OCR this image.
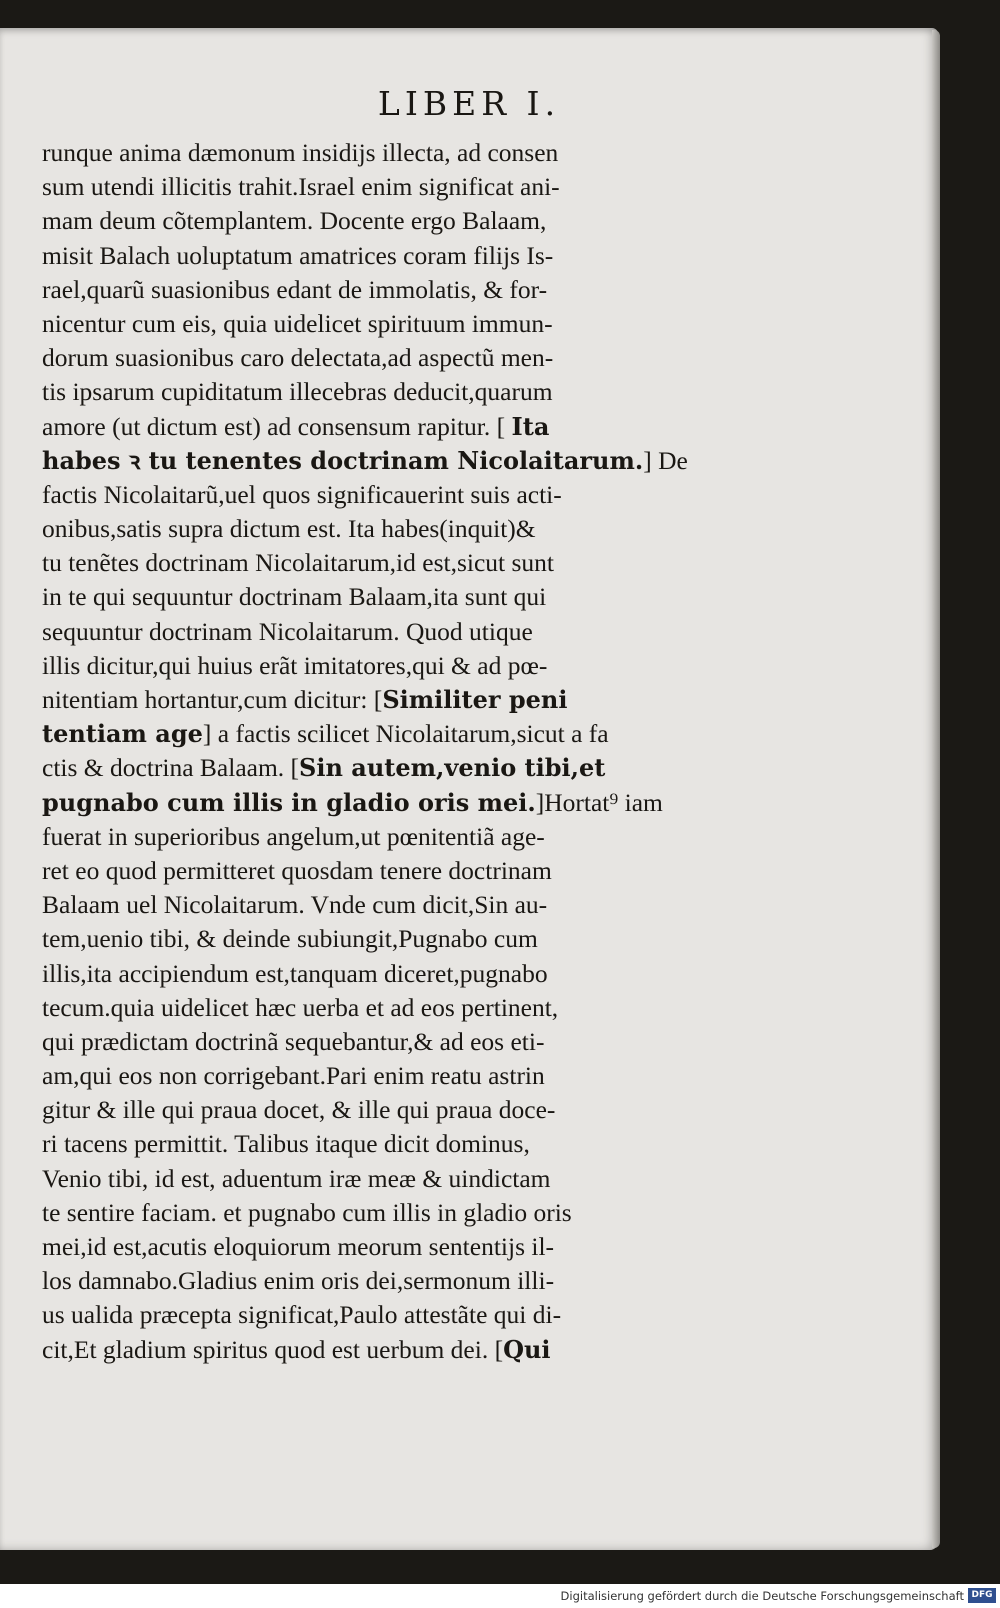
LIBER I.
runque anima dæmonum insidijs illecta, ad consen
sum utendi illicitis trahit.Israel enim significat ani-
mam deum cõtemplantem. Docente ergo Balaam,
misit Balach uoluptatum amatrices coram filijs Is-
rael,quarũ suasionibus edant de immolatis, & for-
nicentur cum eis, quia uidelicet spirituum immun-
dorum suasionibus caro delectata,ad aspectũ men-
tis ipsarum cupiditatum illecebras deducit,quarum
amore (ut dictum est) ad consensum rapitur. [ Ita
habes ꝛ tu tenentes doctrinam Nicolaitarum.] De
factis Nicolaitarũ,uel quos significauerint suis acti-
onibus,satis supra dictum est. Ita habes(inquit)&
tu tenẽtes doctrinam Nicolaitarum,id est,sicut sunt
in te qui sequuntur doctrinam Balaam,ita sunt qui
sequuntur doctrinam Nicolaitarum. Quod utique
illis dicitur,qui huius erãt imitatores,qui & ad pœ-
nitentiam hortantur,cum dicitur: [Similiter peni
tentiam age] a factis scilicet Nicolaitarum,sicut a fa
ctis & doctrina Balaam. [Sin autem,venio tibi,et
pugnabo cum illis in gladio oris mei.]Hortat⁹ iam
fuerat in superioribus angelum,ut pœnitentiã age-
ret eo quod permitteret quosdam tenere doctrinam
Balaam uel Nicolaitarum. Vnde cum dicit,Sin au-
tem,uenio tibi, & deinde subiungit,Pugnabo cum
illis,ita accipiendum est,tanquam diceret,pugnabo
tecum.quia uidelicet hæc uerba et ad eos pertinent,
qui prædictam doctrinã sequebantur,& ad eos eti-
am,qui eos non corrigebant.Pari enim reatu astrin
gitur & ille qui praua docet, & ille qui praua doce-
ri tacens permittit. Talibus itaque dicit dominus,
Venio tibi, id est, aduentum iræ meæ & uindictam
te sentire faciam. et pugnabo cum illis in gladio oris
mei,id est,acutis eloquiorum meorum sententijs il-
los damnabo.Gladius enim oris dei,sermonum illi-
us ualida præcepta significat,Paulo attestãte qui di-
cit,Et gladium spiritus quod est uerbum dei. [Qui
Digitalisierung gefördert durch die Deutsche Forschungsgemeinschaft DFG
